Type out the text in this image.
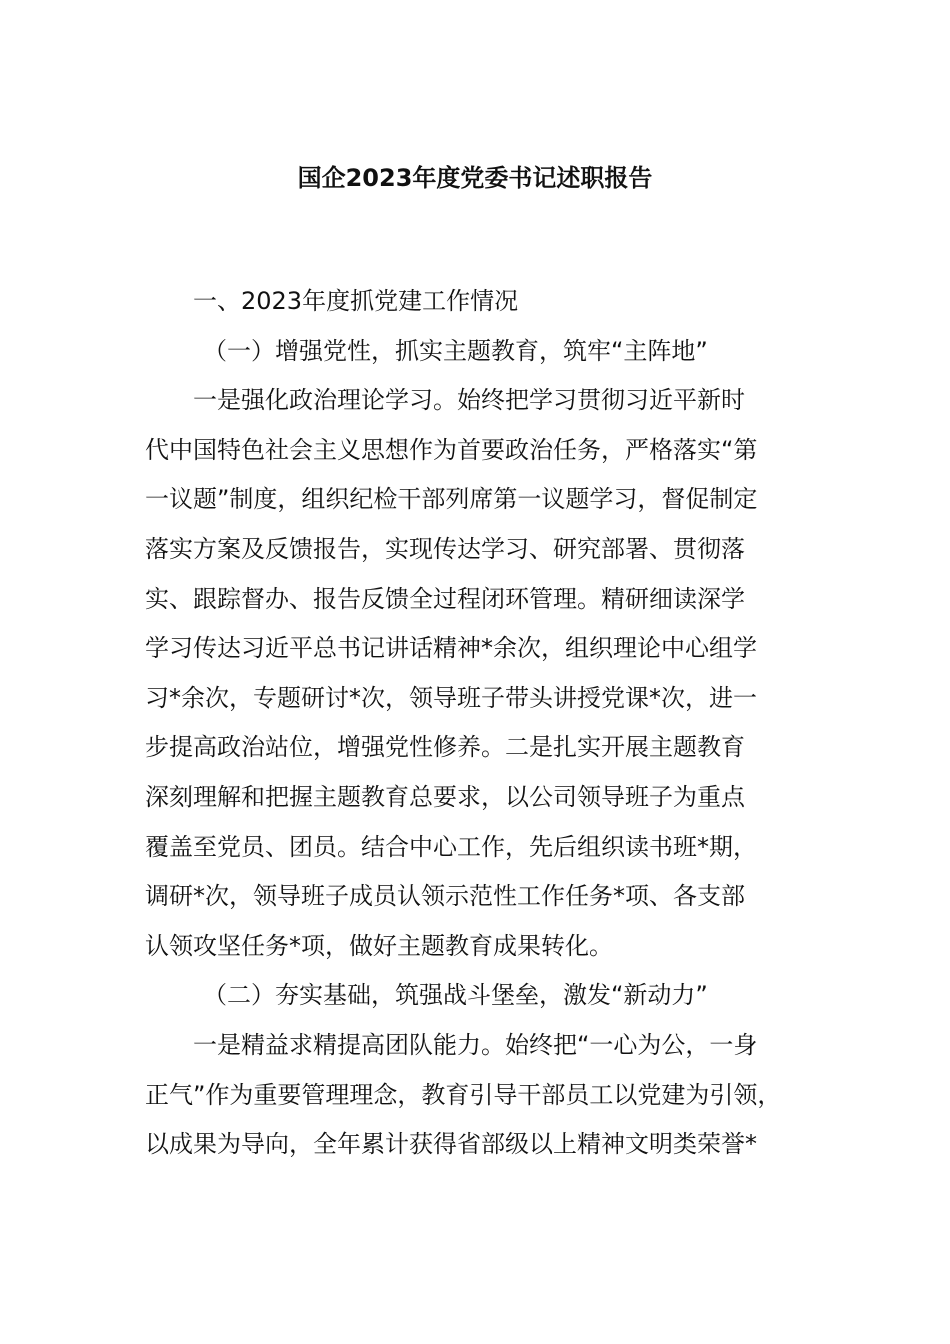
国企2023年度党委书记述职报告
一、2023年度抓党建工作情况
（一）增强党性，抓实主题教育，筑牢“主阵地”
一是强化政治理论学习。始终把学习贯彻习近平新时
代中国特色社会主义思想作为首要政治任务，严格落实“第
一议题”制度，组织纪检干部列席第一议题学习，督促制定
落实方案及反馈报告，实现传达学习、研究部署、贯彻落
实、跟踪督办、报告反馈全过程闭环管理。精研细读深学
学习传达习近平总书记讲话精神*余次，组织理论中心组学
习*余次，专题研讨*次，领导班子带头讲授党课*次，进一
步提高政治站位，增强党性修养。二是扎实开展主题教育
深刻理解和把握主题教育总要求，以公司领导班子为重点
覆盖至党员、团员。结合中心工作，先后组织读书班*期，
调研*次，领导班子成员认领示范性工作任务*项、各支部
认领攻坚任务*项，做好主题教育成果转化。
（二）夯实基础，筑强战斗堡垒，激发“新动力”
一是精益求精提高团队能力。始终把“一心为公，一身
正气”作为重要管理理念，教育引导干部员工以党建为引领，
以成果为导向，全年累计获得省部级以上精神文明类荣誉*
